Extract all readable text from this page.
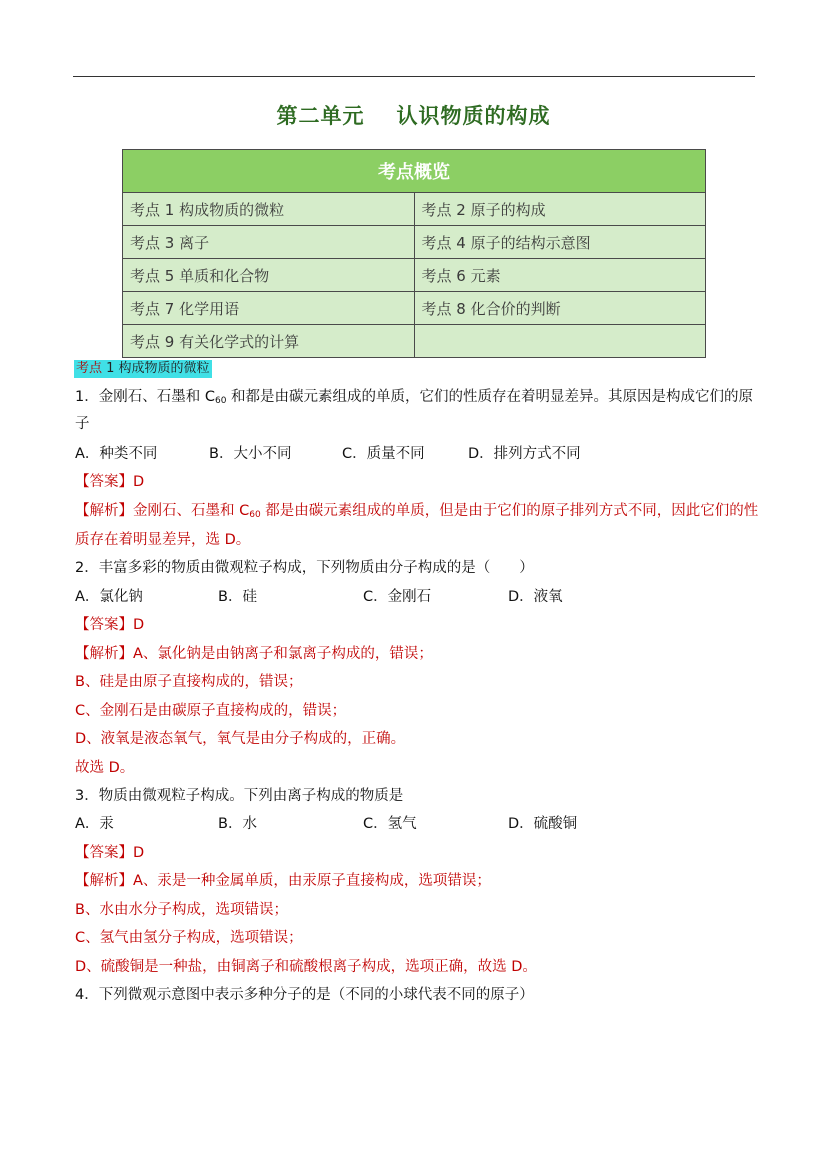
第二单元 认识物质的构成
考点概览	
考点 1 构成物质的微粒	考点 2 原子的构成
考点 3 离子	考点 4 原子的结构示意图
考点 5 单质和化合物	考点 6 元素
考点 7 化学用语	考点 8 化合价的判断
考点 9 有关化学式的计算	
考点 1 构成物质的微粒
1．金刚石、石墨和 $C_{60}$ 和都是由碳元素组成的单质，它们的性质存在着明显差异。其原因是构成它们的原
子
A．种类不同	B．大小不同	C．质量不同	D．排列方式不同
【答案】D
【解析】金刚石、石墨和 $C_{60}$ 都是由碳元素组成的单质，但是由于它们的原子排列方式不同，因此它们的性
质存在着明显差异，选 D。
2．丰富多彩的物质由微观粒子构成，下列物质由分子构成的是（　　）
A．氯化钠	B．硅	C．金刚石	D．液氧
【答案】D
【解析】A、氯化钠是由钠离子和氯离子构成的，错误；
B、硅是由原子直接构成的，错误；
C、金刚石是由碳原子直接构成的，错误；
D、液氧是液态氧气，氧气是由分子构成的，正确。
故选 D。
3．物质由微观粒子构成。下列由离子构成的物质是
A．汞	B．水	C．氢气	D．硫酸铜
【答案】D
【解析】A、汞是一种金属单质，由汞原子直接构成，选项错误；
B、水由水分子构成，选项错误；
C、氢气由氢分子构成，选项错误；
D、硫酸铜是一种盐，由铜离子和硫酸根离子构成，选项正确，故选 D。
4．下列微观示意图中表示多种分子的是（不同的小球代表不同的原子）
